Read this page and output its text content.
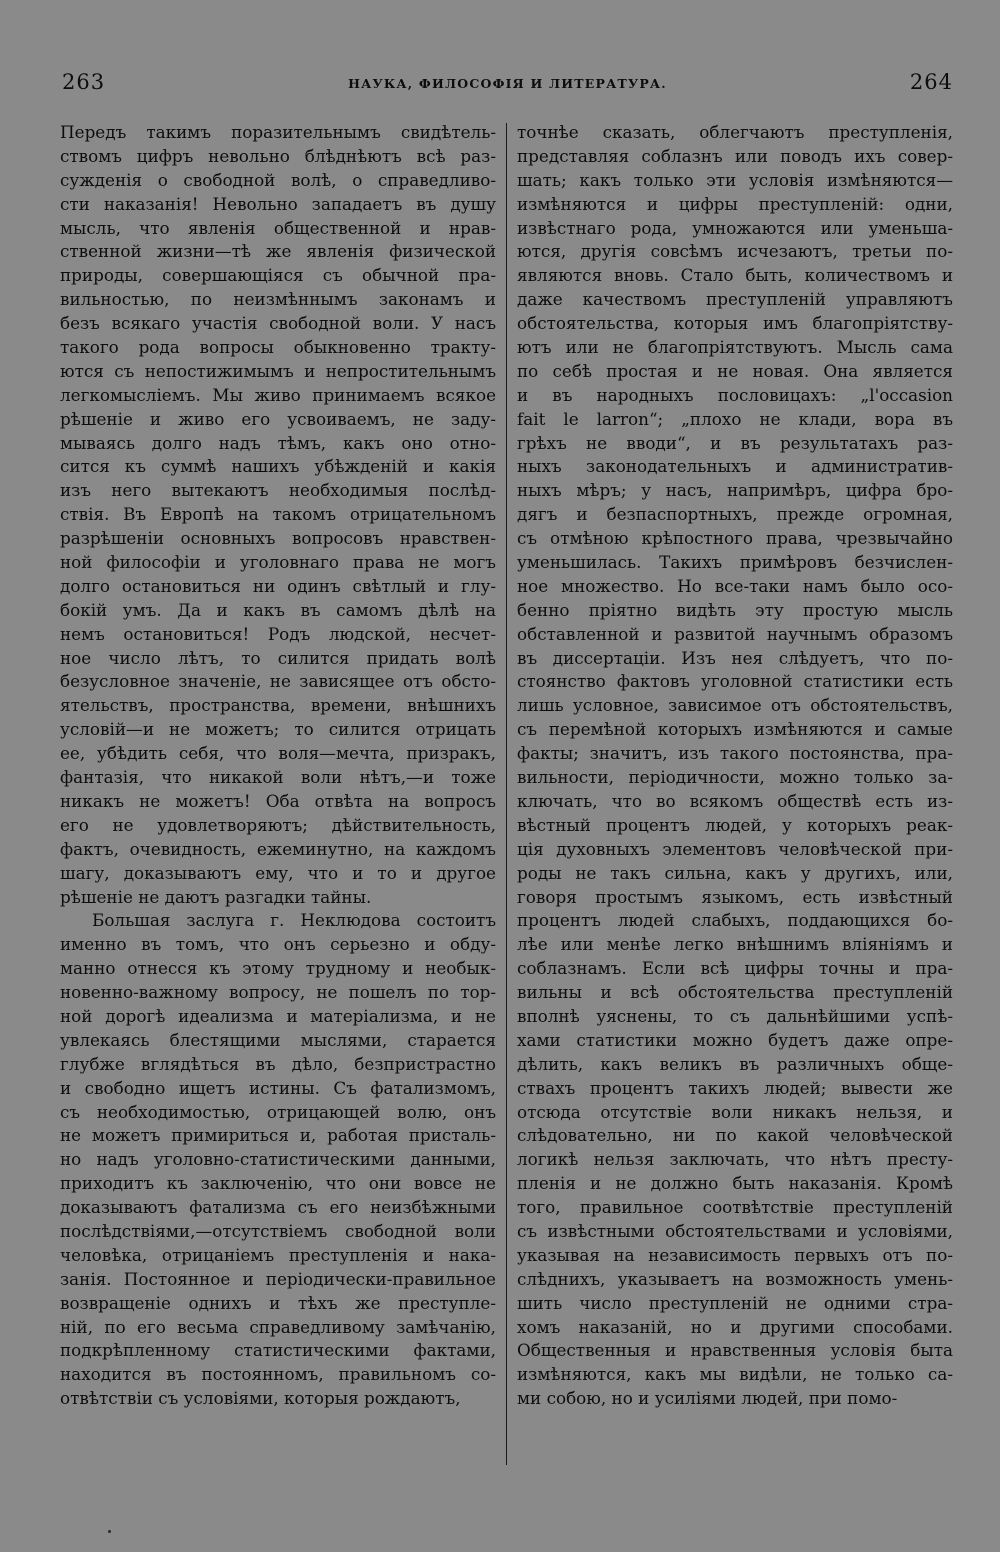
263	НАУКА, ФИЛОСОФІЯ И ЛИТЕРАТУРА.	264
Передъ такимъ поразительнымъ свидѣтель-
ствомъ цифръ невольно блѣднѣютъ всѣ раз-
сужденія о свободной волѣ, о справедливо-
сти наказанія! Невольно западаетъ въ душу
мысль, что явленія общественной и нрав-
ственной жизни—тѣ же явленія физической
природы, совершающіяся съ обычной пра-
вильностью, по неизмѣннымъ законамъ и
безъ всякаго участія свободной воли. У насъ
такого рода вопросы обыкновенно тракту-
ются съ непостижимымъ и непростительнымъ
легкомысліемъ. Мы живо принимаемъ всякое
рѣшеніе и живо его усвоиваемъ, не заду-
мываясь долго надъ тѣмъ, какъ оно отно-
сится къ суммѣ нашихъ убѣжденій и какія
изъ него вытекаютъ необходимыя послѣд-
ствія. Въ Европѣ на такомъ отрицательномъ
разрѣшеніи основныхъ вопросовъ нравствен-
ной философіи и уголовнаго права не могъ
долго остановиться ни одинъ свѣтлый и глу-
бокій умъ. Да и какъ въ самомъ дѣлѣ на
немъ остановиться! Родъ людской, несчет-
ное число лѣтъ, то силится придать волѣ
безусловное значеніе, не зависящее отъ обсто-
ятельствъ, пространства, времени, внѣшнихъ
условій—и не можетъ; то силится отрицать
ее, убѣдить себя, что воля—мечта, призракъ,
фантазія, что никакой воли нѣтъ,—и тоже
никакъ не можетъ! Оба отвѣта на вопросъ
его не удовлетворяютъ; дѣйствительность,
фактъ, очевидность, ежеминутно, на каждомъ
шагу, доказываютъ ему, что и то и другое
рѣшеніе не даютъ разгадки тайны.
Большая заслуга г. Неклюдова состоитъ
именно въ томъ, что онъ серьезно и обду-
манно отнесся къ этому трудному и необык-
новенно-важному вопросу, не пошелъ по тор-
ной дорогѣ идеализма и матеріализма, и не
увлекаясь блестящими мыслями, старается
глубже вглядѣться въ дѣло, безпристрастно
и свободно ищетъ истины. Съ фатализмомъ,
съ необходимостью, отрицающей волю, онъ
не можетъ примириться и, работая присталь-
но надъ уголовно-статистическими данными,
приходитъ къ заключенію, что они вовсе не
доказываютъ фатализма съ его неизбѣжными
послѣдствіями,—отсутствіемъ свободной воли
человѣка, отрицаніемъ преступленія и нака-
занія. Постоянное и періодически-правильное
возвращеніе однихъ и тѣхъ же преступле-
ній, по его весьма справедливому замѣчанію,
подкрѣпленному статистическими фактами,
находится въ постоянномъ, правильномъ со-
отвѣтствіи съ условіями, которыя рождаютъ,
точнѣе сказать, облегчаютъ преступленія,
представляя соблазнъ или поводъ ихъ совер-
шать; какъ только эти условія измѣняются—
измѣняются и цифры преступленій: одни,
извѣстнаго рода, умножаются или уменьша-
ются, другія совсѣмъ исчезаютъ, третьи по-
являются вновь. Стало быть, количествомъ и
даже качествомъ преступленій управляютъ
обстоятельства, которыя имъ благопріятству-
ютъ или не благопріятствуютъ. Мысль сама
по себѣ простая и не новая. Она является
и въ народныхъ пословицахъ: „l'occasion
fait le larron“; „плохо не клади, вора въ
грѣхъ не вводи“, и въ результатахъ раз-
ныхъ законодательныхъ и административ-
ныхъ мѣръ; у насъ, напримѣръ, цифра бро-
дягъ и безпаспортныхъ, прежде огромная,
съ отмѣною крѣпостного права, чрезвычайно
уменьшилась. Такихъ примѣровъ безчислен-
ное множество. Но все-таки намъ было осо-
бенно пріятно видѣть эту простую мысль
обставленной и развитой научнымъ образомъ
въ диссертаціи. Изъ нея слѣдуетъ, что по-
стоянство фактовъ уголовной статистики есть
лишь условное, зависимое отъ обстоятельствъ,
съ перемѣной которыхъ измѣняются и самые
факты; значитъ, изъ такого постоянства, пра-
вильности, періодичности, можно только за-
ключать, что во всякомъ обществѣ есть из-
вѣстный процентъ людей, у которыхъ реак-
ція духовныхъ элементовъ человѣческой при-
роды не такъ сильна, какъ у другихъ, или,
говоря простымъ языкомъ, есть извѣстный
процентъ людей слабыхъ, поддающихся бо-
лѣе или менѣе легко внѣшнимъ вліяніямъ и
соблазнамъ. Если всѣ цифры точны и пра-
вильны и всѣ обстоятельства преступленій
вполнѣ уяснены, то съ дальнѣйшими успѣ-
хами статистики можно будетъ даже опре-
дѣлить, какъ великъ въ различныхъ обще-
ствахъ процентъ такихъ людей; вывести же
отсюда отсутствіе воли никакъ нельзя, и
слѣдовательно, ни по какой человѣческой
логикѣ нельзя заключать, что нѣтъ престу-
пленія и не должно быть наказанія. Кромѣ
того, правильное соотвѣтствіе преступленій
съ извѣстными обстоятельствами и условіями,
указывая на независимость первыхъ отъ по-
слѣднихъ, указываетъ на возможность умень-
шить число преступленій не одними стра-
хомъ наказаній, но и другими способами.
Общественныя и нравственныя условія быта
измѣняются, какъ мы видѣли, не только са-
ми собою, но и усиліями людей, при помо-
